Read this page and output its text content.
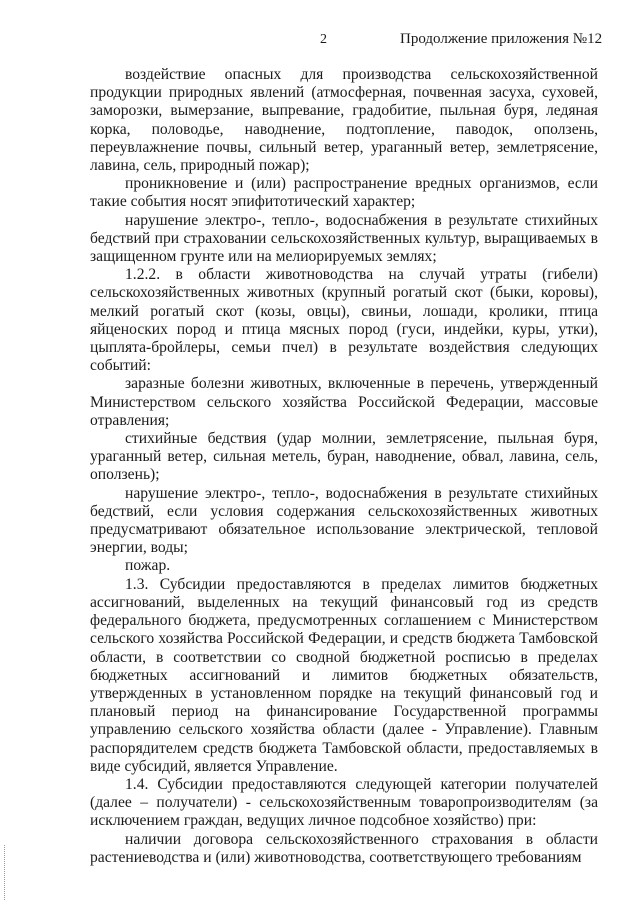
2	Продолжение приложения №12

воздействие опасных для производства сельскохозяйственной продукции природных явлений (атмосферная, почвенная засуха, суховей, заморозки, вымерзание, выпревание, градобитие, пыльная буря, ледяная корка, половодье, наводнение, подтопление, паводок, оползень, переувлажнение почвы, сильный ветер, ураганный ветер, землетрясение, лавина, сель, природный пожар);

проникновение и (или) распространение вредных организмов, если такие события носят эпифитотический характер;

нарушение электро-, тепло-, водоснабжения в результате стихийных бедствий при страховании сельскохозяйственных культур, выращиваемых в защищенном грунте или на мелиорируемых землях;

1.2.2. в области животноводства на случай утраты (гибели) сельскохозяйственных животных (крупный рогатый скот (быки, коровы), мелкий рогатый скот (козы, овцы), свиньи, лошади, кролики, птица яйценоских пород и птица мясных пород (гуси, индейки, куры, утки), цыплята-бройлеры, семьи пчел) в результате воздействия следующих событий:

заразные болезни животных, включенные в перечень, утвержденный Министерством сельского хозяйства Российской Федерации, массовые отравления;

стихийные бедствия (удар молнии, землетрясение, пыльная буря, ураганный ветер, сильная метель, буран, наводнение, обвал, лавина, сель, оползень);

нарушение электро-, тепло-, водоснабжения в результате стихийных бедствий, если условия содержания сельскохозяйственных животных предусматривают обязательное использование электрической, тепловой энергии, воды;

пожар.

1.3. Субсидии предоставляются в пределах лимитов бюджетных ассигнований, выделенных на текущий финансовый год из средств федерального бюджета, предусмотренных соглашением с Министерством сельского хозяйства Российской Федерации, и средств бюджета Тамбовской области, в соответствии со сводной бюджетной росписью в пределах бюджетных ассигнований и лимитов бюджетных обязательств, утвержденных в установленном порядке на текущий финансовый год и плановый период на финансирование Государственной программы управлению сельского хозяйства области (далее - Управление). Главным распорядителем средств бюджета Тамбовской области, предоставляемых в виде субсидий, является Управление.

1.4. Субсидии предоставляются следующей категории получателей (далее – получатели) - сельскохозяйственным товаропроизводителям (за исключением граждан, ведущих личное подсобное хозяйство) при:

наличии договора сельскохозяйственного страхования в области растениеводства и (или) животноводства, соответствующего требованиям
